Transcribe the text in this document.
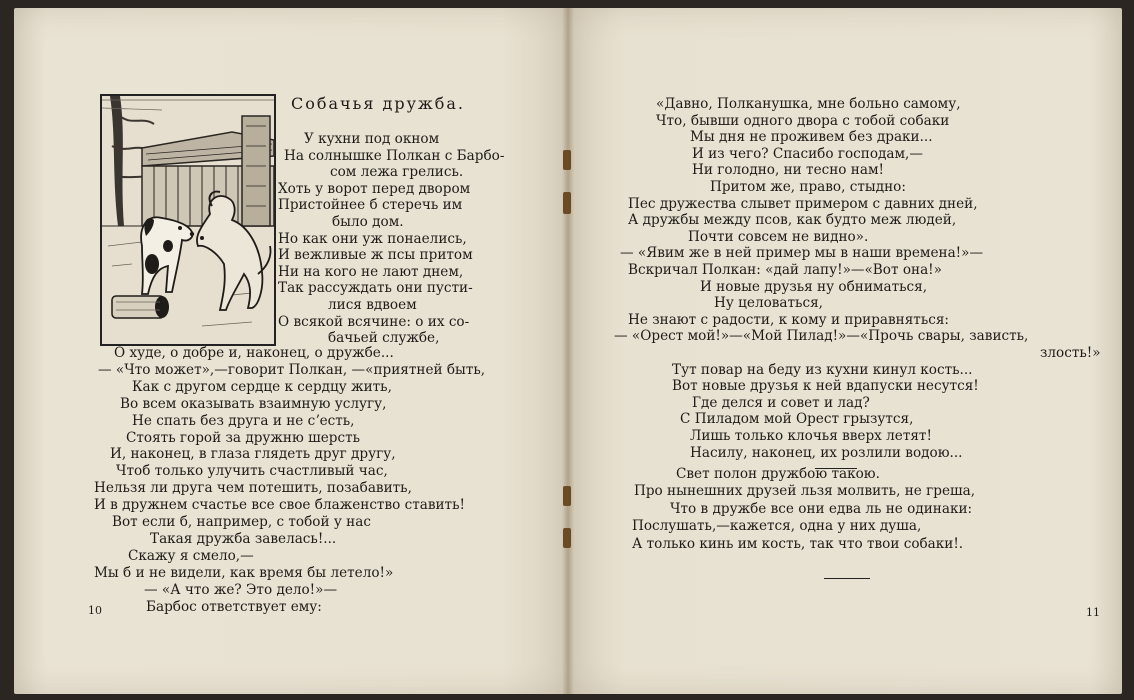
Собачья дружба.
У кухни под окном
На солнышке Полкан с Барбо-
сом лежа грелись.
Хоть у ворот перед двором
Пристойнее б стеречь им
было дом.
Но как они уж понаелись,
И вежливые ж псы притом
Ни на кого не лают днем,
Так рассуждать они пусти-
лися вдвоем
О всякой всячине: о их со-
бачьей службе,
О худе, о добре и, наконец, о дружбе...
— «Что может»,—говорит Полкан, —«приятней быть,
Как с другом сердце к сердцу жить,
Во всем оказывать взаимную услугу,
Не спать без друга и не сʼесть,
Стоять горой за дружню шерсть
И, наконец, в глаза глядеть друг другу,
Чтоб только улучить счастливый час,
Нельзя ли друга чем потешить, позабавить,
И в дружнем счастье все свое блаженство ставить!
Вот если б, например, с тобой у нас
Такая дружба завелась!...
Скажу я смело,—
Мы б и не видели, как время бы летело!»
— «А что же? Это дело!»—
Барбос ответствует ему:
10
«Давно, Полканушка, мне больно самому,
Что, бывши одного двора с тобой собаки
Мы дня не проживем без драки...
И из чего? Спасибо господам,—
Ни голодно, ни тесно нам!
Притом же, право, стыдно:
Пес дружества слывет примером с давних дней,
А дружбы между псов, как будто меж людей,
Почти совсем не видно».
— «Явим же в ней пример мы в наши времена!»—
Вскричал Полкан: «дай лапу!»—«Вот она!»
И новые друзья ну обниматься,
Ну целоваться,
Не знают с радости, к кому и приравняться:
— «Орест мой!»—«Мой Пилад!»—«Прочь свары, зависть,
злость!»
Тут повар на беду из кухни кинул кость...
Вот новые друзья к ней вдапуски несутся!
Где делся и совет и лад?
С Пиладом мой Орест грызутся,
Лишь только клочья вверх летят!
Насилу, наконец, их розлили водою...
Свет полон дружбою такою.
Про нынешних друзей льзя молвить, не греша,
Что в дружбе все они едва ль не одинаки:
Послушать,—кажется, одна у них душа,
А только кинь им кость, так что твои собаки!.
11
